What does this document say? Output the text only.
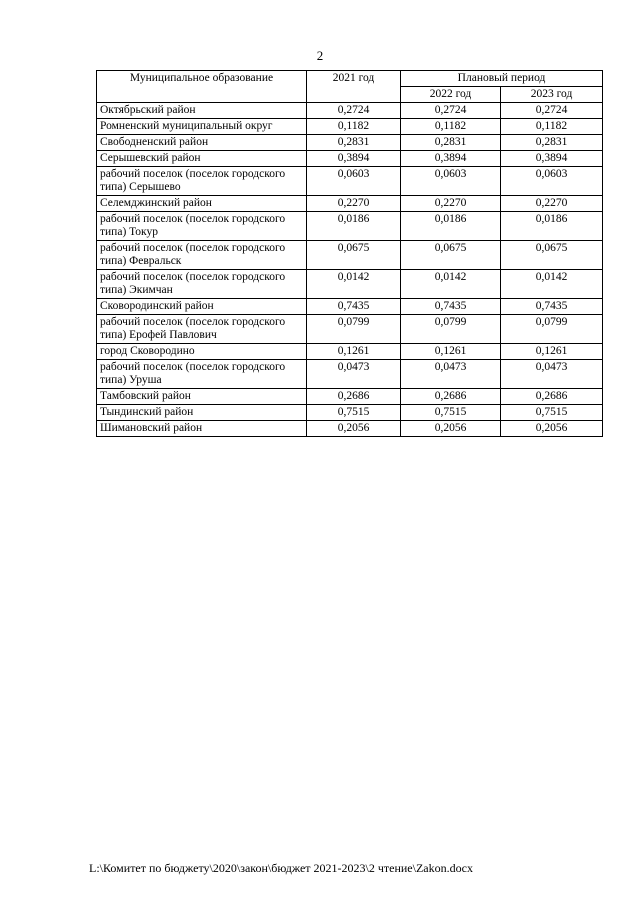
2
Муниципальное образование	2021 год	Плановый период	
		2022 год	2023 год
Октябрьский район	0,2724	0,2724	0,2724
Ромненский муниципальный округ	0,1182	0,1182	0,1182
Свободненский район	0,2831	0,2831	0,2831
Серышевский район	0,3894	0,3894	0,3894
рабочий поселок (поселок городского типа) Серышево	0,0603	0,0603	0,0603
Селемджинский район	0,2270	0,2270	0,2270
рабочий поселок (поселок городского типа) Токур	0,0186	0,0186	0,0186
рабочий поселок (поселок городского типа) Февральск	0,0675	0,0675	0,0675
рабочий поселок (поселок городского типа) Экимчан	0,0142	0,0142	0,0142
Сковородинский район	0,7435	0,7435	0,7435
рабочий поселок (поселок городского типа) Ерофей Павлович	0,0799	0,0799	0,0799
город Сковородино	0,1261	0,1261	0,1261
рабочий поселок (поселок городского типа) Уруша	0,0473	0,0473	0,0473
Тамбовский район	0,2686	0,2686	0,2686
Тындинский район	0,7515	0,7515	0,7515
Шимановский район	0,2056	0,2056	0,2056
L:\Комитет по бюджету\2020\закон\бюджет 2021-2023\2 чтение\Zakon.docx
